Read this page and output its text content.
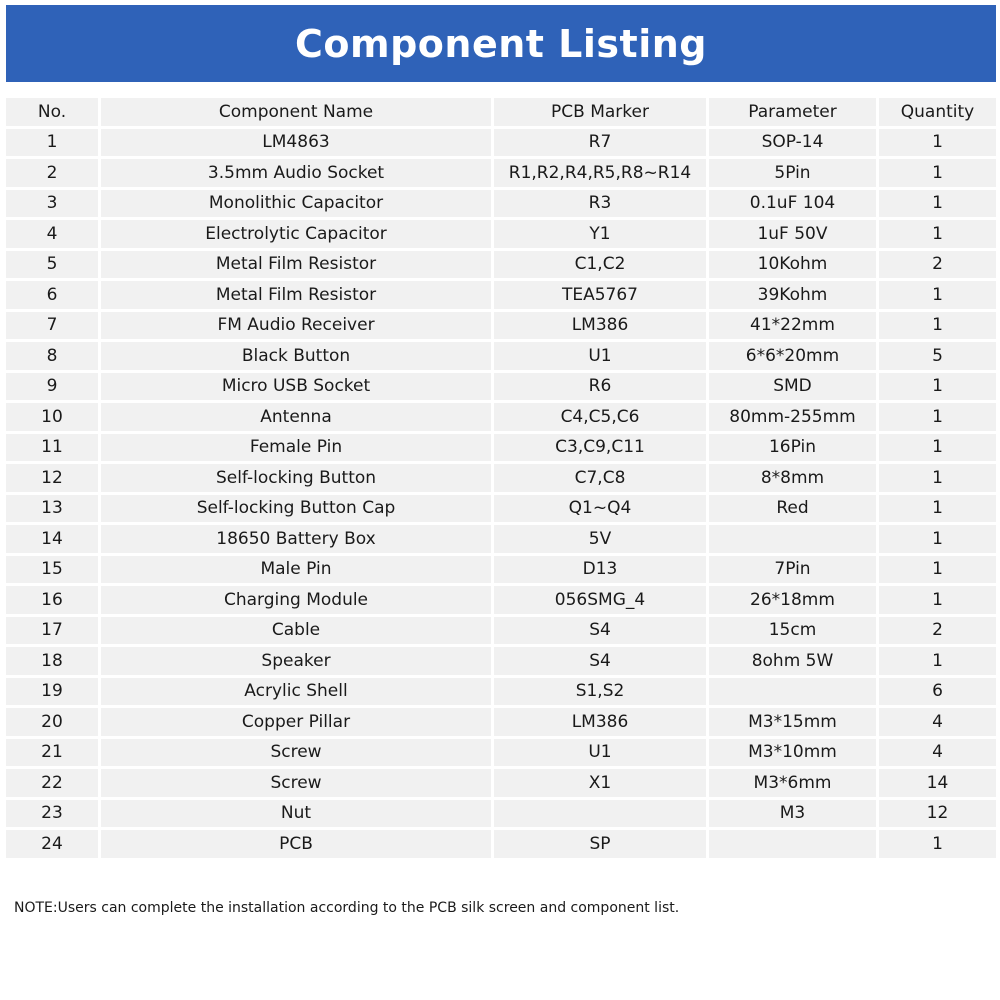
Component Listing
No.	Component Name	PCB Marker	Parameter	Quantity
1	LM4863	R7	SOP-14	1
2	3.5mm Audio Socket	R1,R2,R4,R5,R8~R14	5Pin	1
3	Monolithic Capacitor	R3	0.1uF 104	1
4	Electrolytic Capacitor	Y1	1uF 50V	1
5	Metal Film Resistor	C1,C2	10Kohm	2
6	Metal Film Resistor	TEA5767	39Kohm	1
7	FM Audio Receiver	LM386	41*22mm	1
8	Black Button	U1	6*6*20mm	5
9	Micro USB Socket	R6	SMD	1
10	Antenna	C4,C5,C6	80mm-255mm	1
11	Female Pin	C3,C9,C11	16Pin	1
12	Self-locking Button	C7,C8	8*8mm	1
13	Self-locking Button Cap	Q1~Q4	Red	1
14	18650 Battery Box	5V		1
15	Male Pin	D13	7Pin	1
16	Charging Module	056SMG_4	26*18mm	1
17	Cable	S4	15cm	2
18	Speaker	S4	8ohm 5W	1
19	Acrylic Shell	S1,S2		6
20	Copper Pillar	LM386	M3*15mm	4
21	Screw	U1	M3*10mm	4
22	Screw	X1	M3*6mm	14
23	Nut		M3	12
24	PCB	SP		1
NOTE:Users can complete the installation according to the PCB silk screen and component list.
